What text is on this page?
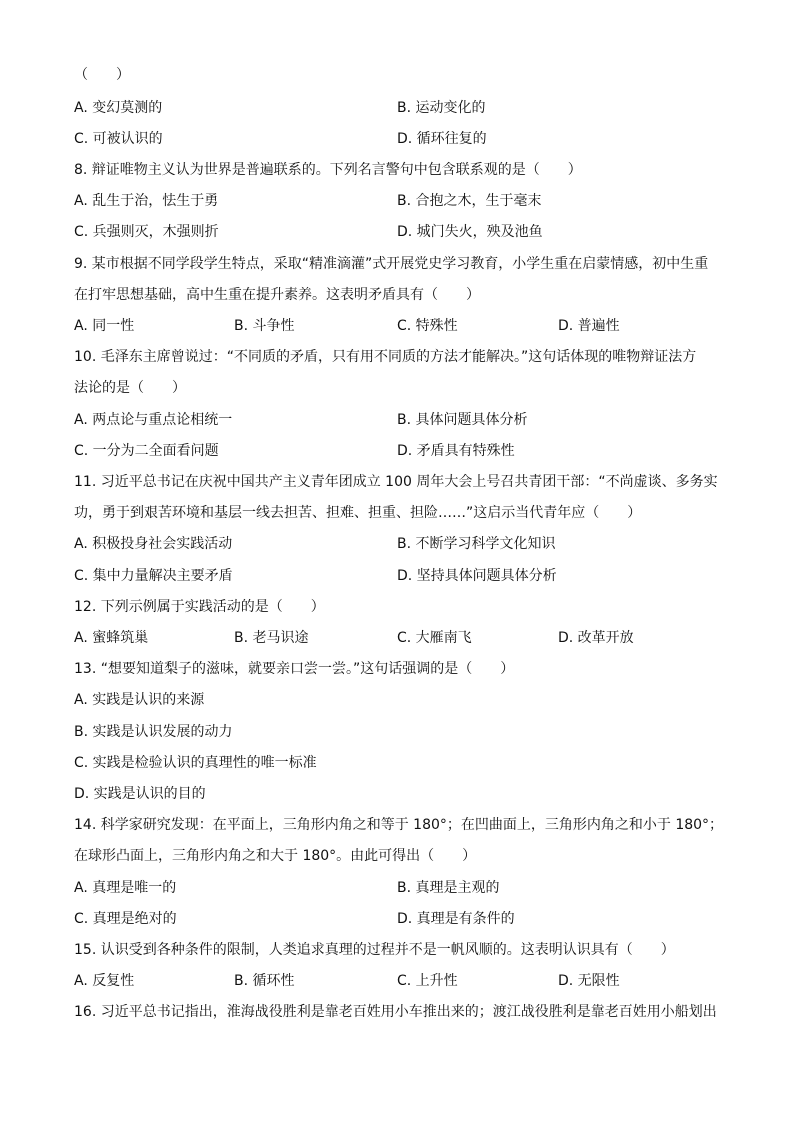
（　　）
A. 变幻莫测的	B. 运动变化的
C. 可被认识的	D. 循环往复的
8. 辩证唯物主义认为世界是普遍联系的。下列名言警句中包含联系观的是（　　）
A. 乱生于治，怯生于勇	B. 合抱之木，生于毫末
C. 兵强则灭，木强则折	D. 城门失火，殃及池鱼
9. 某市根据不同学段学生特点，采取“精准滴灌”式开展党史学习教育，小学生重在启蒙情感，初中生重
在打牢思想基础，高中生重在提升素养。这表明矛盾具有（　　）
A. 同一性	B. 斗争性	C. 特殊性	D. 普遍性
10. 毛泽东主席曾说过：“不同质的矛盾，只有用不同质的方法才能解决。”这句话体现的唯物辩证法方
法论的是（　　）
A. 两点论与重点论相统一	B. 具体问题具体分析
C. 一分为二全面看问题	D. 矛盾具有特殊性
11. 习近平总书记在庆祝中国共产主义青年团成立 100 周年大会上号召共青团干部：“不尚虚谈、多务实
功，勇于到艰苦环境和基层一线去担苦、担难、担重、担险……”这启示当代青年应（　　）
A. 积极投身社会实践活动	B. 不断学习科学文化知识
C. 集中力量解决主要矛盾	D. 坚持具体问题具体分析
12. 下列示例属于实践活动的是（　　）
A. 蜜蜂筑巢	B. 老马识途	C. 大雁南飞	D. 改革开放
13. “想要知道梨子的滋味，就要亲口尝一尝。”这句话强调的是（　　）
A. 实践是认识的来源
B. 实践是认识发展的动力
C. 实践是检验认识的真理性的唯一标准
D. 实践是认识的目的
14. 科学家研究发现：在平面上，三角形内角之和等于 180°；在凹曲面上，三角形内角之和小于 180°；
在球形凸面上，三角形内角之和大于 180°。由此可得出（　　）
A. 真理是唯一的	B. 真理是主观的
C. 真理是绝对的	D. 真理是有条件的
15. 认识受到各种条件的限制，人类追求真理的过程并不是一帆风顺的。这表明认识具有（　　）
A. 反复性	B. 循环性	C. 上升性	D. 无限性
16. 习近平总书记指出，淮海战役胜利是靠老百姓用小车推出来的；渡江战役胜利是靠老百姓用小船划出
